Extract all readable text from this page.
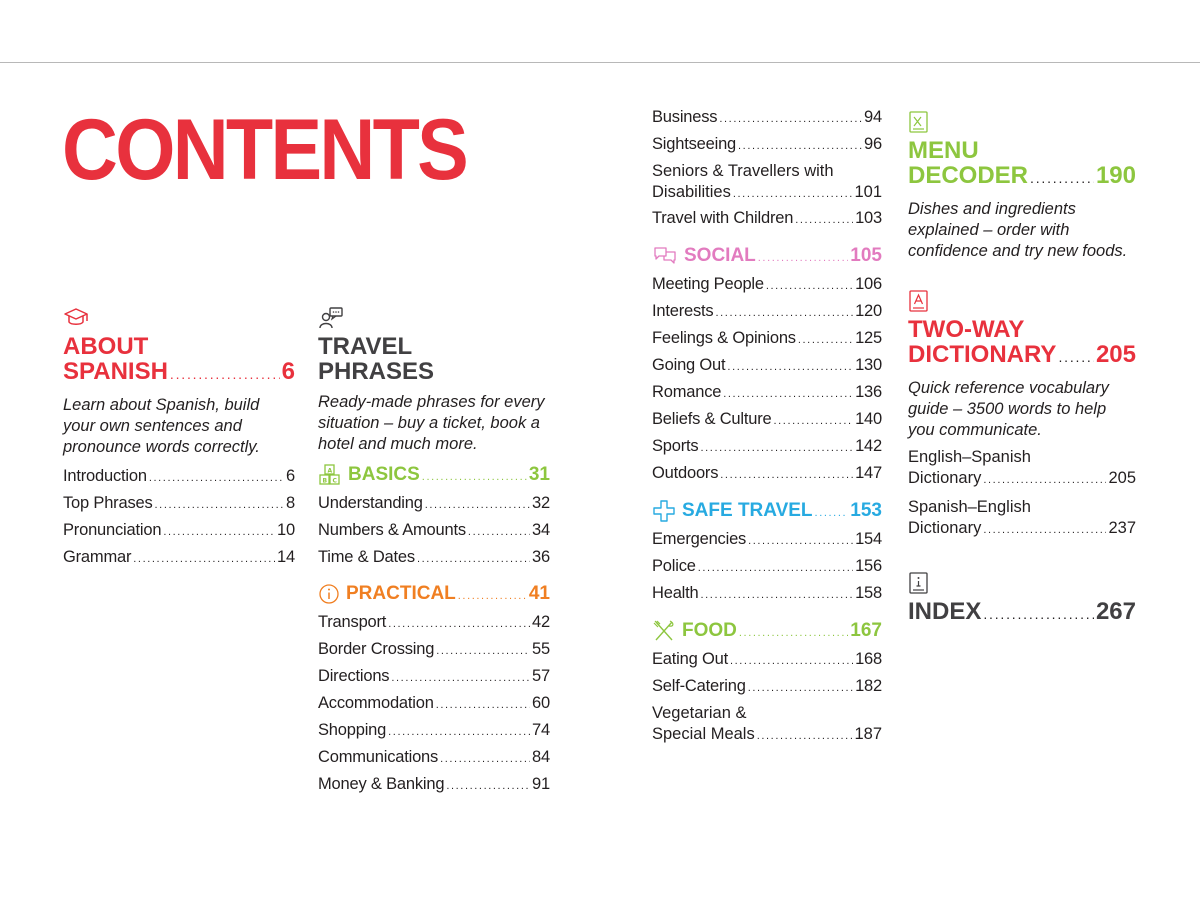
CONTENTS
ABOUT
SPANISH .....	6

Learn about Spanish, build your own sentences and pronounce words correctly.

Introduction .....	6
Top Phrases .....	8
Pronunciation .....	10
Grammar .....	14
TRAVEL
PHRASES

Ready-made phrases for every situation – buy a ticket, book a hotel and much more.

A
B C BASICS .....	31
Understanding .....	32
Numbers & Amounts .....	34
Time & Dates .....	36
PRACTICAL .....	41
Transport .....	42
Border Crossing .....	55
Directions .....	57
Accommodation .....	60
Shopping .....	74
Communications .....	84
Money & Banking .....	91
Business .....	94
Sightseeing .....	96
Seniors & Travellers with
Disabilities .....	101
Travel with Children .....	103
SOCIAL .....	105
Meeting People .....	106
Interests .....	120
Feelings & Opinions .....	125
Going Out .....	130
Romance .....	136
Beliefs & Culture .....	140
Sports .....	142
Outdoors .....	147
SAFE TRAVEL ..... 153
Emergencies .....	154
Police .....	156
Health .....	158
FOOD .....	167
Eating Out .....	168
Self-Catering .....	182
Vegetarian &
Special Meals .....	187
MENU
DECODER .....	190

Dishes and ingredients explained – order with confidence and try new foods.

TWO-WAY
DICTIONARY ..... 205

Quick reference vocabulary guide – 3500 words to help you communicate.

English–Spanish
Dictionary .....	205
Spanish–English
Dictionary .....	237
INDEX .....	267
